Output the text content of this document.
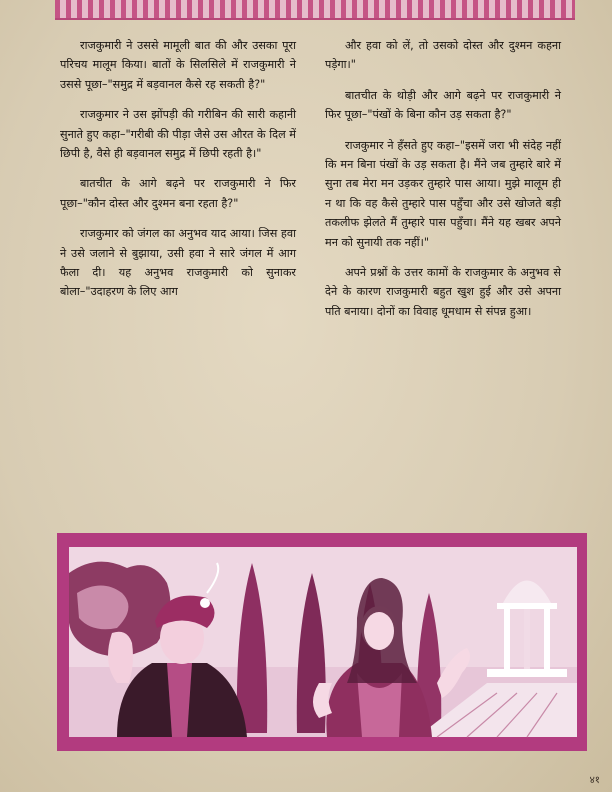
राजकुमारी ने उससे मामूली बात की और उसका पूरा परिचय मालूम किया। बातों के सिलसिले में राजकुमारी ने उससे पूछा–"समुद्र में बड़वानल कैसे रह सकती है?"

राजकुमार ने उस झोंपड़ी की गरीबिन की सारी कहानी सुनाते हुए कहा–"गरीबी की पीड़ा जैसे उस औरत के दिल में छिपी है, वैसे ही बड़वानल समुद्र में छिपी रहती है।"

बातचीत के आगे बढ़ने पर राजकुमारी ने फिर पूछा–"कौन दोस्त और दुश्मन बना रहता है?"

राजकुमार को जंगल का अनुभव याद आया। जिस हवा ने उसे जलाने से बुझाया, उसी हवा ने सारे जंगल में आग फैला दी। यह अनुभव राजकुमारी को सुनाकर बोला–"उदाहरण के लिए आग

और हवा को लें, तो उसको दोस्त और दुश्मन कहना पड़ेगा।"

बातचीत के थोड़ी और आगे बढ़ने पर राजकुमारी ने फिर पूछा–"पंखों के बिना कौन उड़ सकता है?"

राजकुमार ने हँसते हुए कहा–"इसमें जरा भी संदेह नहीं कि मन बिना पंखों के उड़ सकता है। मैंने जब तुम्हारे बारे में सुना तब मेरा मन उड़कर तुम्हारे पास आया। मुझे मालूम ही न था कि वह कैसे तुम्हारे पास पहुँचा और उसे खोजते बड़ी तकलीफ झेलते मैं तुम्हारे पास पहुँचा। मैंने यह खबर अपने मन को सुनायी तक नहीं।"

अपने प्रश्नों के उत्तर कामों के राजकुमार के अनुभव से देने के कारण राजकुमारी बहुत खुश हुई और उसे अपना पति बनाया। दोनों का विवाह धूमधाम से संपन्न हुआ।

४१
